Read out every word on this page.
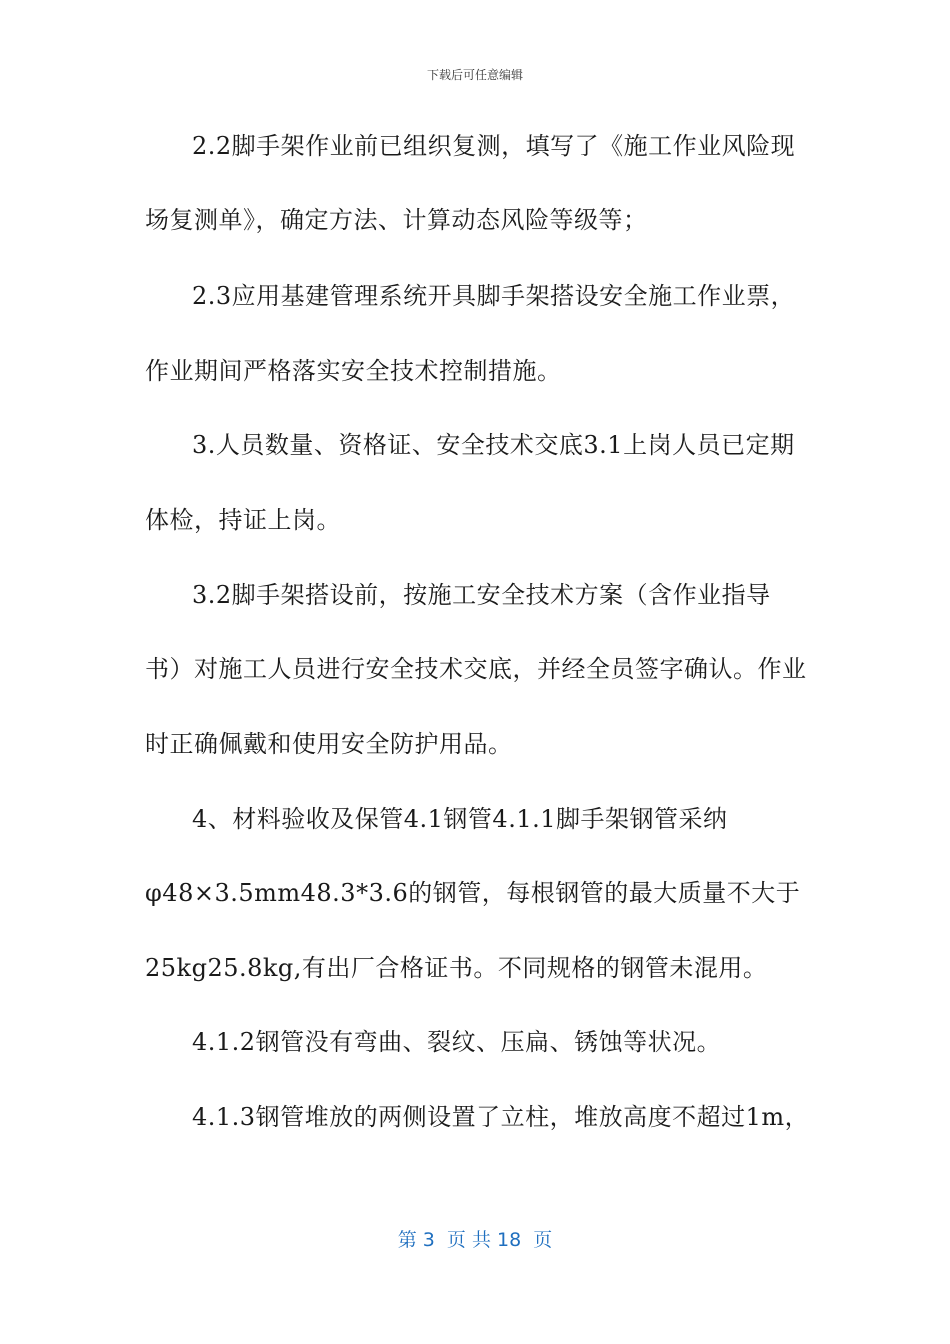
下载后可任意编辑
2.2脚手架作业前已组织复测，填写了《施工作业风险现
场复测单》，确定方法、计算动态风险等级等；
2.3应用基建管理系统开具脚手架搭设安全施工作业票，
作业期间严格落实安全技术控制措施。
3.人员数量、资格证、安全技术交底3.1上岗人员已定期
体检，持证上岗。
3.2脚手架搭设前，按施工安全技术方案（含作业指导
书）对施工人员进行安全技术交底，并经全员签字确认。作业
时正确佩戴和使用安全防护用品。
4、材料验收及保管4.1钢管4.1.1脚手架钢管采纳
φ48×3.5mm48.3*3.6的钢管，每根钢管的最大质量不大于
25kg25.8kg,有出厂合格证书。不同规格的钢管未混用。
4.1.2钢管没有弯曲、裂纹、压扁、锈蚀等状况。
4.1.3钢管堆放的两侧设置了立柱，堆放高度不超过1m，
第 3  页 共 18  页
